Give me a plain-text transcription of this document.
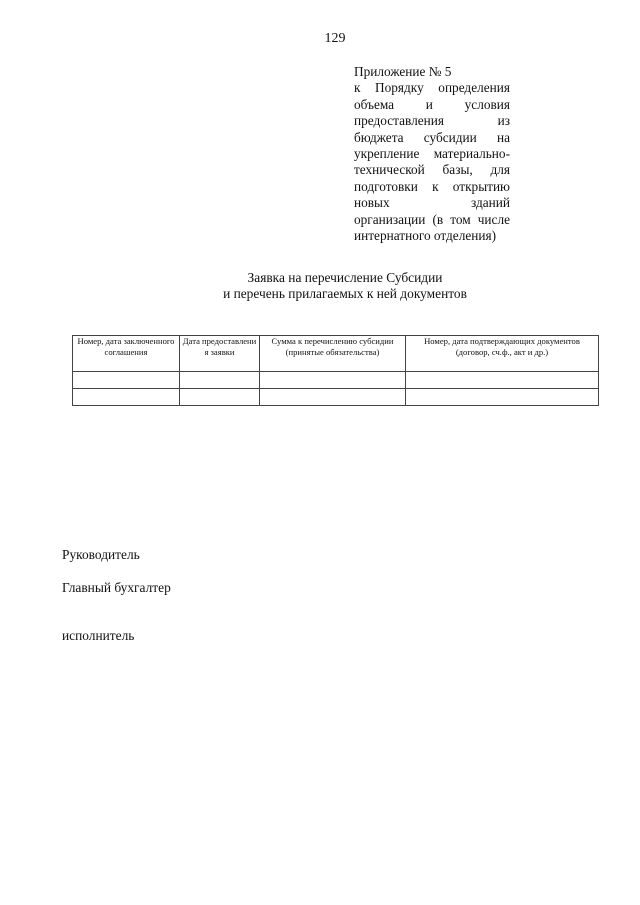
129
Приложение № 5
к Порядку определения
объема и условия
предоставления из
бюджета субсидии на
укрепление материально-
технической базы, для
подготовки к открытию
новых зданий
организации (в том числе
интернатного отделения)
Заявка на перечисление Субсидии
и перечень прилагаемых к ней документов
Номер, дата заключенного соглашения	Дата предоставлени я заявки	Сумма к перечислению субсидии (принятые обязательства)	Номер, дата подтверждающих документов (договор, сч.ф., акт и др.)

Руководитель
Главный бухгалтер
исполнитель
